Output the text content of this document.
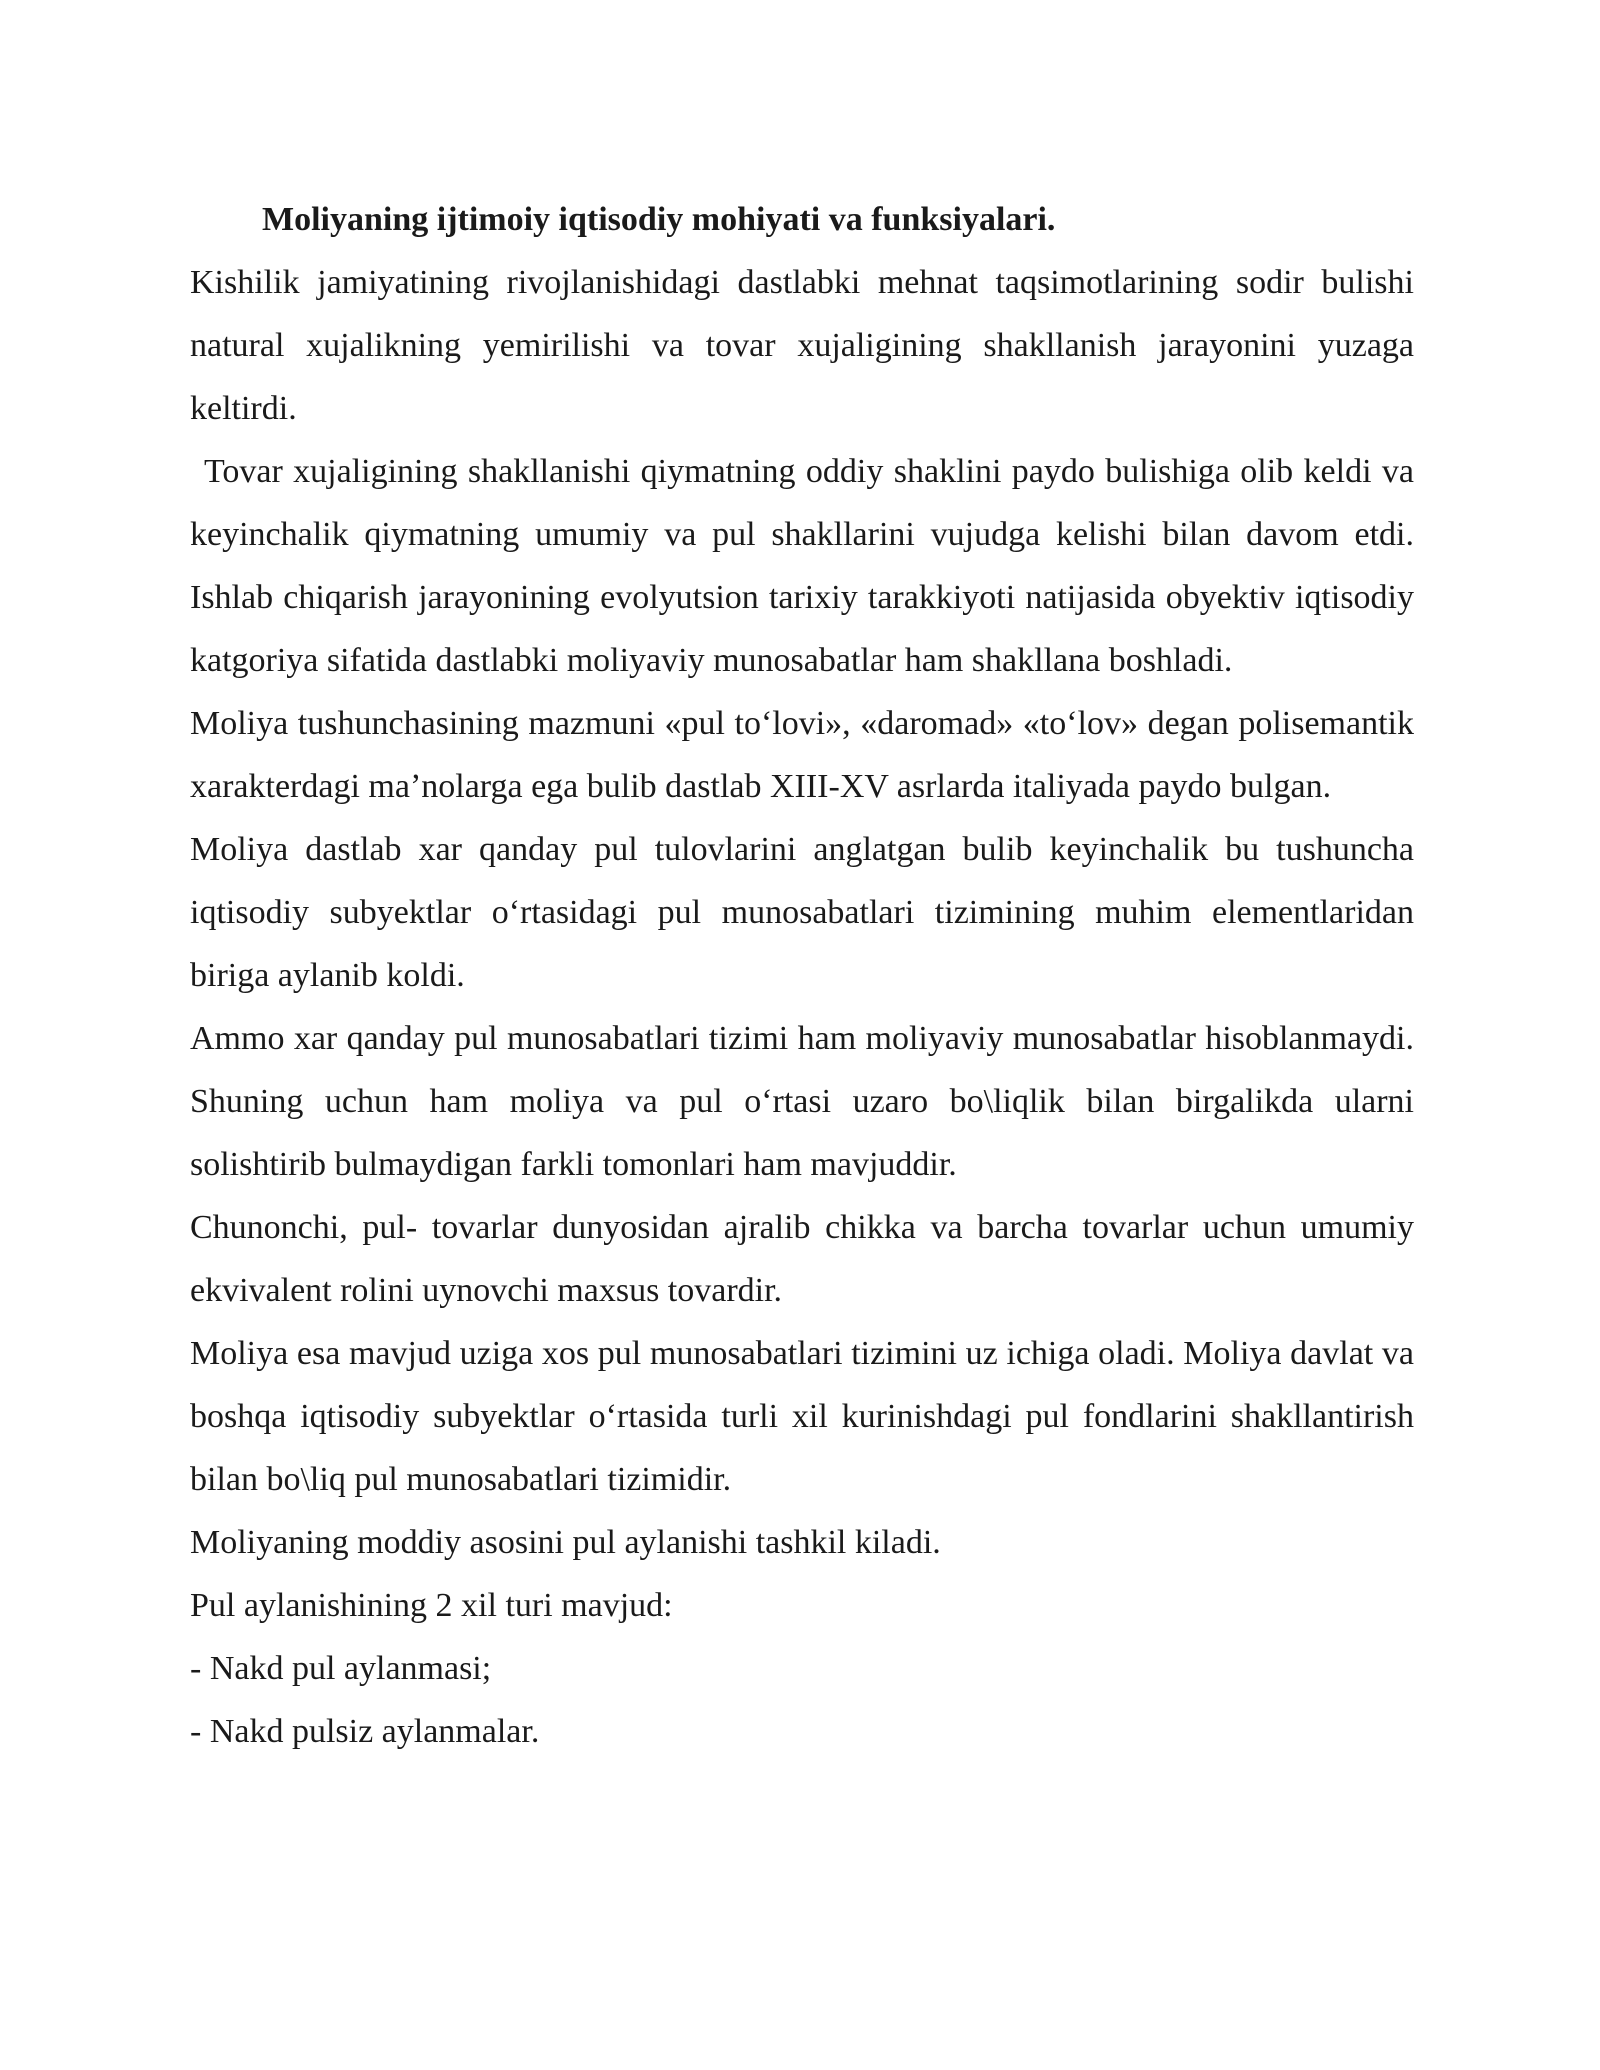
Moliyaning ijtimoiy iqtisodiy mohiyati va funksiyalari.

Kishilik jamiyatining rivojlanishidagi dastlabki mehnat taqsimotlarining sodir bulishi natural xujalikning yemirilishi va tovar xujaligining shakllanish jarayonini yuzaga keltirdi.

Tovar xujaligining shakllanishi qiymatning oddiy shaklini paydo bulishiga olib keldi va keyinchalik qiymatning umumiy va pul shakllarini vujudga kelishi bilan davom etdi. Ishlab chiqarish jarayonining evolyutsion tarixiy tarakkiyoti natijasida obyektiv iqtisodiy katgoriya sifatida dastlabki moliyaviy munosabatlar ham shakllana boshladi.

Moliya tushunchasining mazmuni «pul toʻlovi», «daromad» «toʻlov» degan polisemantik xarakterdagi maʼnolarga ega bulib dastlab XIII-XV asrlarda italiyada paydo bulgan.

Moliya dastlab xar qanday pul tulovlarini anglatgan bulib keyinchalik bu tushuncha iqtisodiy subyektlar oʻrtasidagi pul munosabatlari tizimining muhim elementlaridan biriga aylanib koldi.

Ammo xar qanday pul munosabatlari tizimi ham moliyaviy munosabatlar hisoblanmaydi. Shuning uchun ham moliya va pul oʻrtasi uzaro bo\liqlik bilan birgalikda ularni solishtirib bulmaydigan farkli tomonlari ham mavjuddir.

Chunonchi, pul- tovarlar dunyosidan ajralib chikka va barcha tovarlar uchun umumiy ekvivalent rolini uynovchi maxsus tovardir.

Moliya esa mavjud uziga xos pul munosabatlari tizimini uz ichiga oladi. Moliya davlat va boshqa iqtisodiy subyektlar oʻrtasida turli xil kurinishdagi pul fondlarini shakllantirish bilan bo\liq pul munosabatlari tizimidir.

Moliyaning moddiy asosini pul aylanishi tashkil kiladi.

Pul aylanishining 2 xil turi mavjud:

- Nakd pul aylanmasi;

- Nakd pulsiz aylanmalar.
